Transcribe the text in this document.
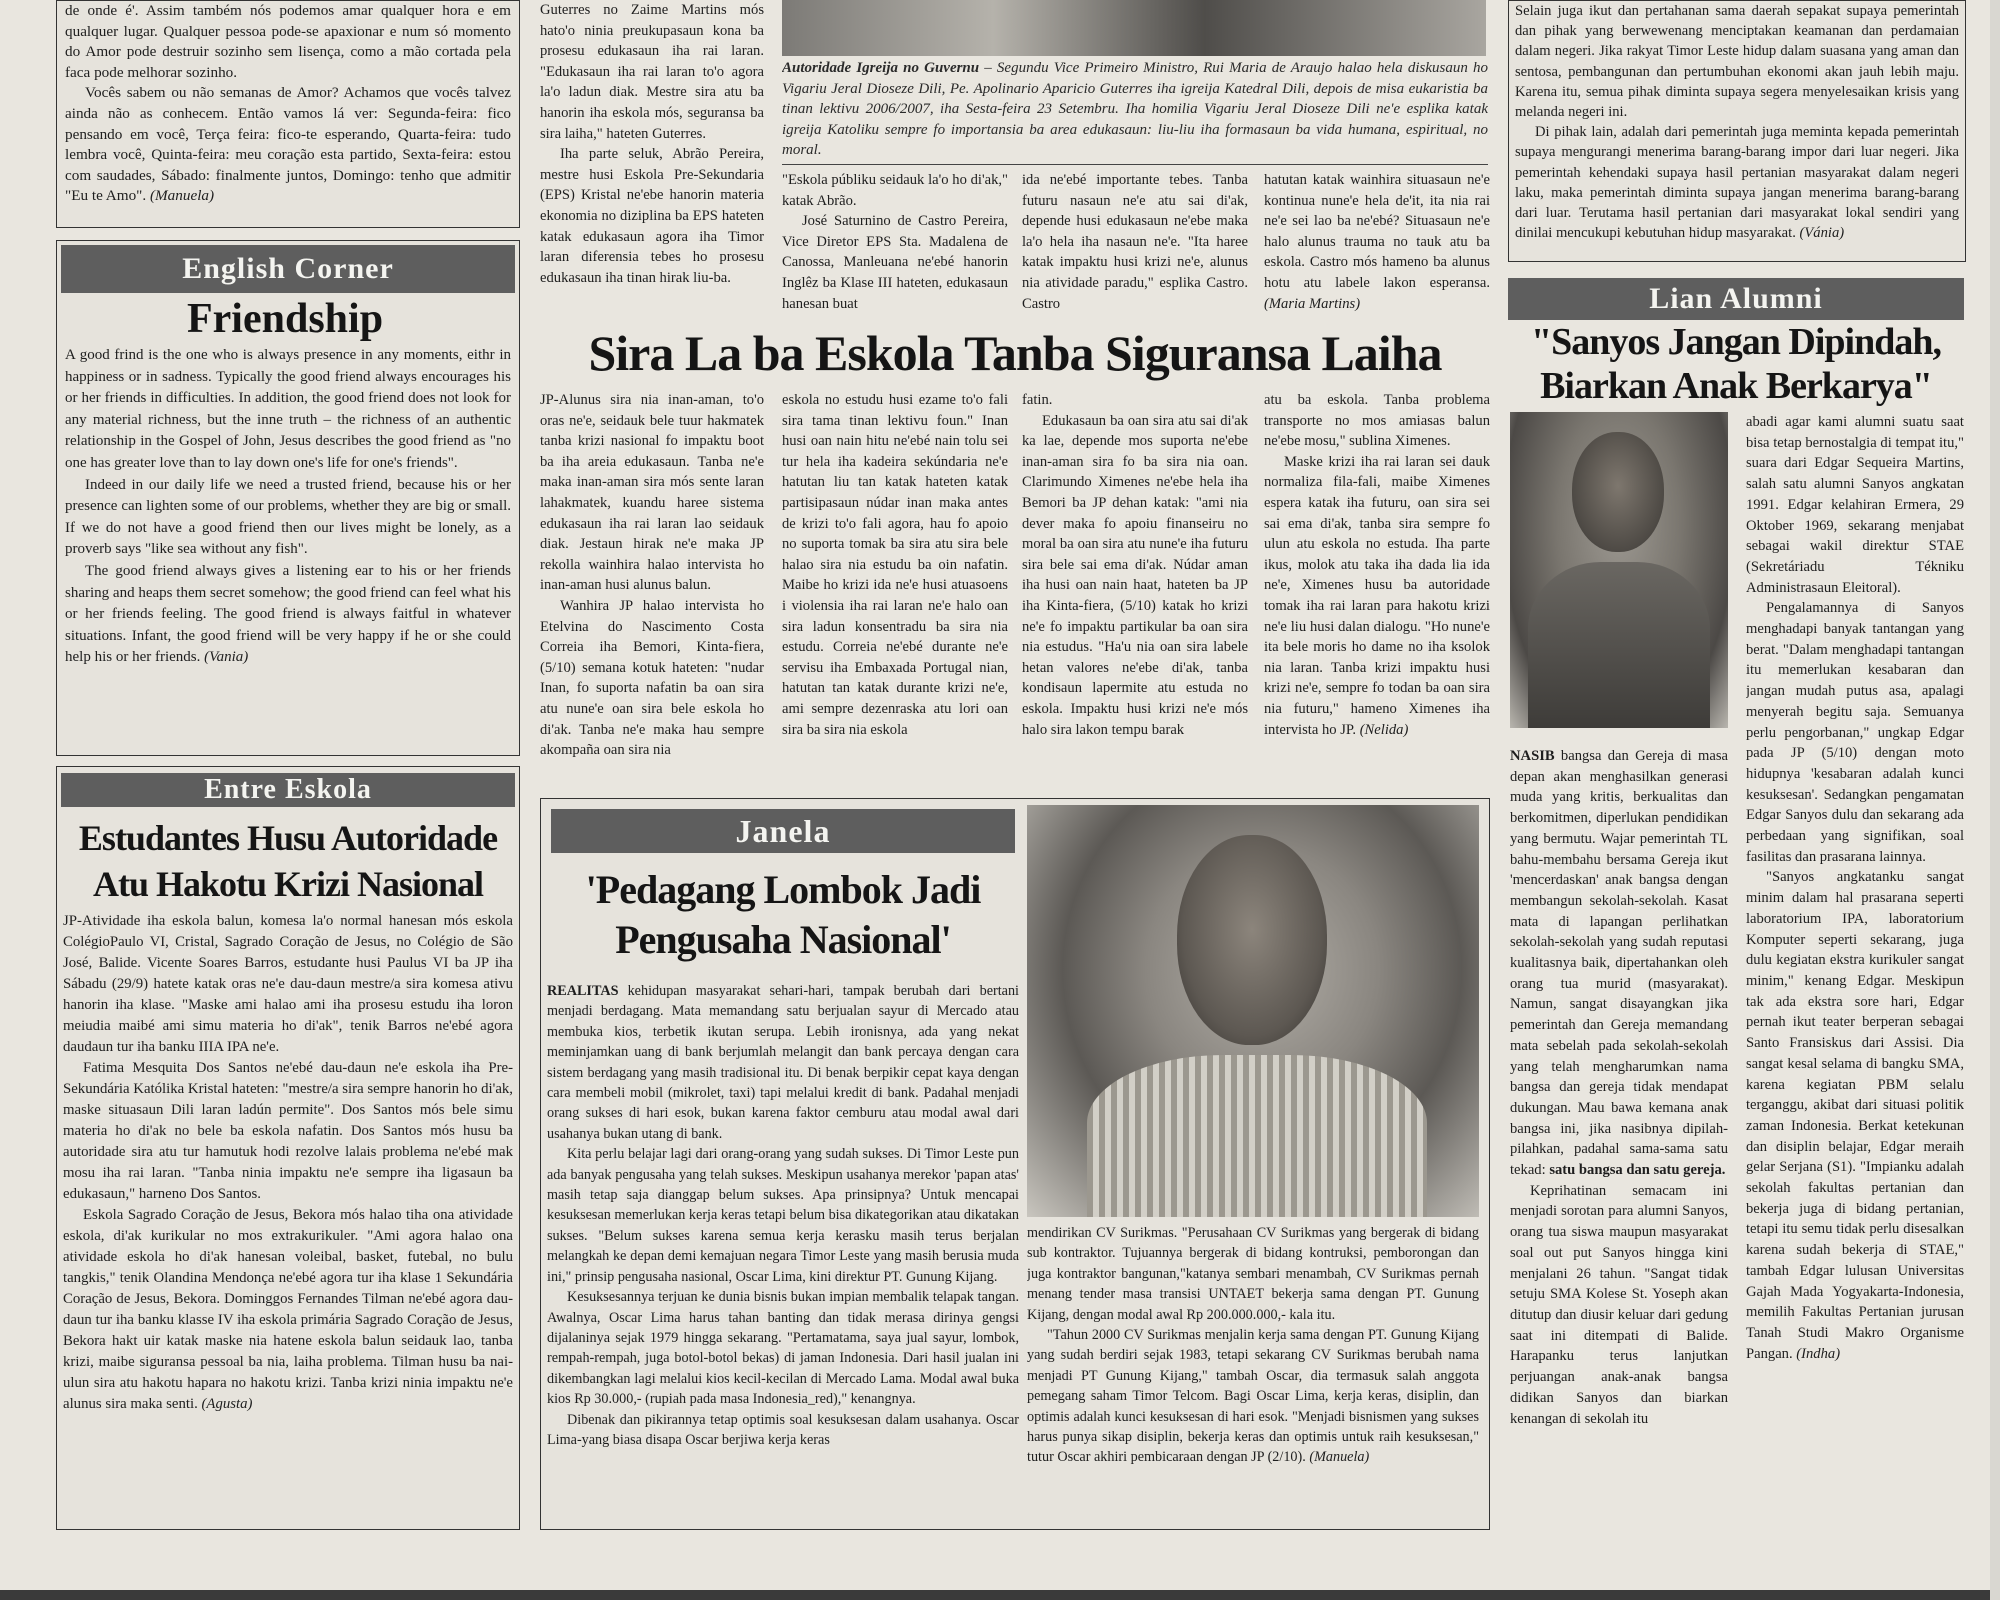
de onde é'. Assim também nós podemos amar qualquer hora e em qualquer lugar. Qualquer pessoa pode-se apaxionar e num só momento do Amor pode destruir sozinho sem lisença, como a mão cortada pela faca pode melhorar sozinho.

Vocês sabem ou não semanas de Amor? Achamos que vocês talvez ainda não as conhecem. Então vamos lá ver: Segunda-feira: fico pensando em você, Terça feira: fico-te esperando, Quarta-feira: tudo lembra você, Quinta-feira: meu coração esta partido, Sexta-feira: estou com saudades, Sábado: finalmente juntos, Domingo: tenho que admitir "Eu te Amo". (Manuela)

English Corner
Friendship

A good frind is the one who is always presence in any moments, eithr in happiness or in sadness. Typically the good friend always encourages his or her friends in difficulties. In addition, the good friend does not look for any material richness, but the inne truth – the richness of an authentic relationship in the Gospel of John, Jesus describes the good friend as "no one has greater love than to lay down one's life for one's friends".

Indeed in our daily life we need a trusted friend, because his or her presence can lighten some of our problems, whether they are big or small. If we do not have a good friend then our lives might be lonely, as a proverb says "like sea without any fish".

The good friend always gives a listening ear to his or her friends sharing and heaps them secret somehow; the good friend can feel what his or her friends feeling. The good friend is always faitful in whatever situations. Infant, the good friend will be very happy if he or she could help his or her friends. (Vania)

Entre Eskola
Estudantes Husu Autoridade Atu Hakotu Krizi Nasional

JP-Atividade iha eskola balun, komesa la'o normal hanesan mós eskola ColégioPaulo VI, Cristal, Sagrado Coração de Jesus, no Colégio de São José, Balide. Vicente Soares Barros, estudante husi Paulus VI ba JP iha Sábadu (29/9) hatete katak oras ne'e dau-daun mestre/a sira komesa ativu hanorin iha klase. "Maske ami halao ami iha prosesu estudu iha loron meiudia maibé ami simu materia ho di'ak", tenik Barros ne'ebé agora daudaun tur iha banku IIIA IPA ne'e.

Fatima Mesquita Dos Santos ne'ebé dau-daun ne'e eskola iha Pre-Sekundária Katólika Kristal hateten: "mestre/a sira sempre hanorin ho di'ak, maske situasaun Dili laran ladún permite". Dos Santos mós bele simu materia ho di'ak no bele ba eskola nafatin. Dos Santos mós husu ba autoridade sira atu tur hamutuk hodi rezolve lalais problema ne'ebé mak mosu iha rai laran. "Tanba ninia impaktu ne'e sempre iha ligasaun ba edukasaun," harneno Dos Santos.

Eskola Sagrado Coração de Jesus, Bekora mós halao tiha ona atividade eskola, di'ak kurikular no mos extrakurikuler. "Ami agora halao ona atividade eskola ho di'ak hanesan voleibal, basket, futebal, no bulu tangkis," tenik Olandina Mendonça ne'ebé agora tur iha klase 1 Sekundária Coração de Jesus, Bekora. Dominggos Fernandes Tilman ne'ebé agora dau-daun tur iha banku klasse IV iha eskola primária Sagrado Coração de Jesus, Bekora hakt uir katak maske nia hatene eskola balun seidauk lao, tanba krizi, maibe siguransa pessoal ba nia, laiha problema. Tilman husu ba nai-ulun sira atu hakotu hapara no hakotu krizi. Tanba krizi ninia impaktu ne'e alunus sira maka senti. (Agusta)

Guterres no Zaime Martins mós hato'o ninia preukupasaun kona ba prosesu edukasaun iha rai laran. "Edukasaun iha rai laran to'o agora la'o ladun diak. Mestre sira atu ba hanorin iha eskola mós, seguransa ba sira laiha," hateten Guterres.

Iha parte seluk, Abrão Pereira, mestre husi Eskola Pre-Sekundaria (EPS) Kristal ne'ebe hanorin materia ekonomia no diziplina ba EPS hateten katak edukasaun agora iha Timor laran diferensia tebes ho prosesu edukasaun iha tinan hirak liu-ba.

Autoridade Igreija no Guvernu – Segundu Vice Primeiro Ministro, Rui Maria de Araujo halao hela diskusaun ho Vigariu Jeral Dioseze Dili, Pe. Apolinario Aparicio Guterres iha igreija Katedral Dili, depois de misa eukaristia ba tinan lektivu 2006/2007, iha Sesta-feira 23 Setembru. Iha homilia Vigariu Jeral Dioseze Dili ne'e esplika katak igreija Katoliku sempre fo importansia ba area edukasaun: liu-liu iha formasaun ba vida humana, espiritual, no moral.

"Eskola públiku seidauk la'o ho di'ak," katak Abrão.

José Saturnino de Castro Pereira, Vice Diretor EPS Sta. Madalena de Canossa, Manleuana ne'ebé hanorin Inglêz ba Klase III hateten, edukasaun hanesan buat

ida ne'ebé importante tebes. Tanba futuru nasaun ne'e atu sai di'ak, depende husi edukasaun ne'ebe maka la'o hela iha nasaun ne'e. "Ita haree katak impaktu husi krizi ne'e, alunus nia atividade paradu," esplika Castro. Castro

hatutan katak wainhira situasaun ne'e kontinua nune'e hela de'it, ita nia rai ne'e sei lao ba ne'ebé? Situasaun ne'e halo alunus trauma no tauk atu ba eskola. Castro mós hameno ba alunus hotu atu labele lakon esperansa. (Maria Martins)

Sira La ba Eskola Tanba Siguransa Laiha

JP-Alunus sira nia inan-aman, to'o oras ne'e, seidauk bele tuur hakmatek tanba krizi nasional fo impaktu boot ba iha areia edukasaun. Tanba ne'e maka inan-aman sira mós sente laran lahakmatek, kuandu haree sistema edukasaun iha rai laran lao seidauk diak. Jestaun hirak ne'e maka JP rekolla wainhira halao intervista ho inan-aman husi alunus balun.

Wanhira JP halao intervista ho Etelvina do Nascimento Costa Correia iha Bemori, Kinta-fiera, (5/10) semana kotuk hateten: "nudar Inan, fo suporta nafatin ba oan sira atu nune'e oan sira bele eskola ho di'ak. Tanba ne'e maka hau sempre akompaña oan sira nia

eskola no estudu husi ezame to'o fali sira tama tinan lektivu foun." Inan husi oan nain hitu ne'ebé nain tolu sei tur hela iha kadeira sekúndaria ne'e hatutan liu tan katak hateten katak partisipasaun núdar inan maka antes de krizi to'o fali agora, hau fo apoio no suporta tomak ba sira atu sira bele halao sira nia estudu ba oin nafatin. Maibe ho krizi ida ne'e husi atuasoens i violensia iha rai laran ne'e halo oan sira ladun konsentradu ba sira nia estudu. Correia ne'ebé durante ne'e servisu iha Embaxada Portugal nian, hatutan tan katak durante krizi ne'e, ami sempre dezenraska atu lori oan sira ba sira nia eskola

fatin.

Edukasaun ba oan sira atu sai di'ak ka lae, depende mos suporta ne'ebe inan-aman sira fo ba sira nia oan. Clarimundo Ximenes ne'ebe hela iha Bemori ba JP dehan katak: "ami nia dever maka fo apoiu finanseiru no moral ba oan sira atu nune'e iha futuru sira bele sai ema di'ak. Núdar aman iha husi oan nain haat, hateten ba JP iha Kinta-fiera, (5/10) katak ho krizi ne'e fo impaktu partikular ba oan sira nia estudus. "Ha'u nia oan sira labele hetan valores ne'ebe di'ak, tanba kondisaun lapermite atu estuda no eskola. Impaktu husi krizi ne'e mós halo sira lakon tempu barak

atu ba eskola. Tanba problema transporte no mos amiasas balun ne'ebe mosu," sublina Ximenes.

Maske krizi iha rai laran sei dauk normaliza fila-fali, maibe Ximenes espera katak iha futuru, oan sira sei sai ema di'ak, tanba sira sempre fo ulun atu eskola no estuda. Iha parte ikus, molok atu taka iha dada lia ida ne'e, Ximenes husu ba autoridade tomak iha rai laran para hakotu krizi ne'e liu husi dalan dialogu. "Ho nune'e ita bele moris ho dame no iha ksolok nia laran. Tanba krizi impaktu husi krizi ne'e, sempre fo todan ba oan sira nia futuru," hameno Ximenes iha intervista ho JP. (Nelida)

Janela
'Pedagang Lombok Jadi Pengusaha Nasional'

REALITAS kehidupan masyarakat sehari-hari, tampak berubah dari bertani menjadi berdagang. Mata memandang satu berjualan sayur di Mercado atau membuka kios, terbetik ikutan serupa. Lebih ironisnya, ada yang nekat meminjamkan uang di bank berjumlah melangit dan bank percaya dengan cara sistem berdagang yang masih tradisional itu. Di benak berpikir cepat kaya dengan cara membeli mobil (mikrolet, taxi) tapi melalui kredit di bank. Padahal menjadi orang sukses di hari esok, bukan karena faktor cemburu atau modal awal dari usahanya bukan utang di bank.

Kita perlu belajar lagi dari orang-orang yang sudah sukses. Di Timor Leste pun ada banyak pengusaha yang telah sukses. Meskipun usahanya merekor 'papan atas' masih tetap saja dianggap belum sukses. Apa prinsipnya? Untuk mencapai kesuksesan memerlukan kerja keras tetapi belum bisa dikategorikan atau dikatakan sukses. "Belum sukses karena semua kerja kerasku masih terus berjalan melangkah ke depan demi kemajuan negara Timor Leste yang masih berusia muda ini," prinsip pengusaha nasional, Oscar Lima, kini direktur PT. Gunung Kijang.

Kesuksesannya terjuan ke dunia bisnis bukan impian membalik telapak tangan. Awalnya, Oscar Lima harus tahan banting dan tidak merasa dirinya gengsi dijalaninya sejak 1979 hingga sekarang. "Pertamatama, saya jual sayur, lombok, rempah-rempah, juga botol-botol bekas) di jaman Indonesia. Dari hasil jualan ini dikembangkan lagi melalui kios kecil-kecilan di Mercado Lama. Modal awal buka kios Rp 30.000,- (rupiah pada masa Indonesia_red)," kenangnya.

Dibenak dan pikirannya tetap optimis soal kesuksesan dalam usahanya. Oscar Lima-yang biasa disapa Oscar berjiwa kerja keras

mendirikan CV Surikmas. "Perusahaan CV Surikmas yang bergerak di bidang sub kontraktor. Tujuannya bergerak di bidang kontruksi, pemborongan dan juga kontraktor bangunan,"katanya sembari menambah, CV Surikmas pernah menang tender masa transisi UNTAET bekerja sama dengan PT. Gunung Kijang, dengan modal awal Rp 200.000.000,- kala itu.

"Tahun 2000 CV Surikmas menjalin kerja sama dengan PT. Gunung Kijang yang sudah berdiri sejak 1983, tetapi sekarang CV Surikmas berubah nama menjadi PT Gunung Kijang," tambah Oscar, dia termasuk salah anggota pemegang saham Timor Telcom. Bagi Oscar Lima, kerja keras, disiplin, dan optimis adalah kunci kesuksesan di hari esok. "Menjadi bisnismen yang sukses harus punya sikap disiplin, bekerja keras dan optimis untuk raih kesuksesan," tutur Oscar akhiri pembicaraan dengan JP (2/10). (Manuela)

Selain juga ikut dan pertahanan sama daerah sepakat supaya pemerintah dan pihak yang berwewenang menciptakan keamanan dan perdamaian dalam negeri. Jika rakyat Timor Leste hidup dalam suasana yang aman dan sentosa, pembangunan dan pertumbuhan ekonomi akan jauh lebih maju. Karena itu, semua pihak diminta supaya segera menyelesaikan krisis yang melanda negeri ini.

Di pihak lain, adalah dari pemerintah juga meminta kepada pemerintah supaya mengurangi menerima barang-barang impor dari luar negeri. Jika pemerintah kehendaki supaya hasil pertanian masyarakat dalam negeri laku, maka pemerintah diminta supaya jangan menerima barang-barang dari luar. Terutama hasil pertanian dari masyarakat lokal sendiri yang dinilai mencukupi kebutuhan hidup masyarakat. (Vánia)

Lian Alumni
"Sanyos Jangan Dipindah, Biarkan Anak Berkarya"

abadi agar kami alumni suatu saat bisa tetap bernostalgia di tempat itu," suara dari Edgar Sequeira Martins, salah satu alumni Sanyos angkatan 1991. Edgar kelahiran Ermera, 29 Oktober 1969, sekarang menjabat sebagai wakil direktur STAE (Sekretáriadu Tékniku Administrasaun Eleitoral).

Pengalamannya di Sanyos menghadapi banyak tantangan yang berat. "Dalam menghadapi tantangan itu memerlukan kesabaran dan jangan mudah putus asa, apalagi menyerah begitu saja. Semuanya perlu pengorbanan," ungkap Edgar pada JP (5/10) dengan moto hidupnya 'kesabaran adalah kunci kesuksesan'. Sedangkan pengamatan Edgar Sanyos dulu dan sekarang ada perbedaan yang signifikan, soal fasilitas dan prasarana lainnya.

"Sanyos angkatanku sangat minim dalam hal prasarana seperti laboratorium IPA, laboratorium Komputer seperti sekarang, juga dulu kegiatan ekstra kurikuler sangat minim," kenang Edgar. Meskipun tak ada ekstra sore hari, Edgar pernah ikut teater berperan sebagai Santo Fransiskus dari Assisi. Dia sangat kesal selama di bangku SMA, karena kegiatan PBM selalu terganggu, akibat dari situasi politik zaman Indonesia. Berkat ketekunan dan disiplin belajar, Edgar meraih gelar Serjana (S1). "Impianku adalah sekolah fakultas pertanian dan bekerja juga di bidang pertanian, tetapi itu semu tidak perlu disesalkan karena sudah bekerja di STAE," tambah Edgar lulusan Universitas Gajah Mada Yogyakarta-Indonesia, memilih Fakultas Pertanian jurusan Tanah Studi Makro Organisme Pangan. (Indha)

NASIB bangsa dan Gereja di masa depan akan menghasilkan generasi muda yang kritis, berkualitas dan berkomitmen, diperlukan pendidikan yang bermutu. Wajar pemerintah TL bahu-membahu bersama Gereja ikut 'mencerdaskan' anak bangsa dengan membangun sekolah-sekolah. Kasat mata di lapangan perlihatkan sekolah-sekolah yang sudah reputasi kualitasnya baik, dipertahankan oleh orang tua murid (masyarakat). Namun, sangat disayangkan jika pemerintah dan Gereja memandang mata sebelah pada sekolah-sekolah yang telah mengharumkan nama bangsa dan gereja tidak mendapat dukungan. Mau bawa kemana anak bangsa ini, jika nasibnya dipilah-pilahkan, padahal sama-sama satu tekad: satu bangsa dan satu gereja.

Keprihatinan semacam ini menjadi sorotan para alumni Sanyos, orang tua siswa maupun masyarakat soal out put Sanyos hingga kini menjalani 26 tahun. "Sangat tidak setuju SMA Kolese St. Yoseph akan ditutup dan diusir keluar dari gedung saat ini ditempati di Balide. Harapanku terus lanjutkan perjuangan anak-anak bangsa didikan Sanyos dan biarkan kenangan di sekolah itu
